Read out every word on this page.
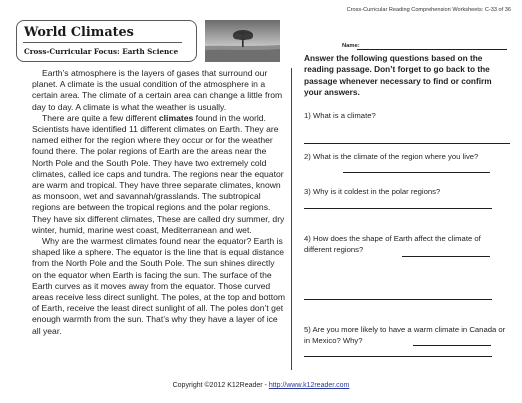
Cross-Curricular Reading Comprehension Worksheets: C-33 of 36
World Climates
Cross-Curricular Focus: Earth Science
Name:

Earth’s atmosphere is the layers of gases that surround our planet. A climate is the usual condition of the atmosphere in a certain area. The climate of a certain area can change a little from day to day. A climate is what the weather is usually.

There are quite a few different climates found in the world. Scientists have identified 11 different climates on Earth. They are named either for the region where they occur or for the weather found there. The polar regions of Earth are the areas near the North Pole and the South Pole. They have two extremely cold climates, called ice caps and tundra. The regions near the equator are warm and tropical. They have three separate climates, known as monsoon, wet and savannah/grasslands. The subtropical regions are between the tropical regions and the polar regions. They have six different climates, These are called dry summer, dry winter, humid, marine west coast, Mediterranean and wet.

Why are the warmest climates found near the equator? Earth is shaped like a sphere. The equator is the line that is equal distance from the North Pole and the South Pole. The sun shines directly on the equator when Earth is facing the sun. The surface of the Earth curves as it moves away from the equator. Those curved areas receive less direct sunlight. The poles, at the top and bottom of Earth, receive the least direct sunlight of all. The poles don’t get enough warmth from the sun. That’s why they have a layer of ice all year.

Answer the following questions based on the reading passage. Don’t forget to go back to the passage whenever necessary to find or confirm your answers.
1) What is a climate?
2) What is the climate of the region where you live?
3) Why is it coldest in the polar regions?
4) How does the shape of Earth affect the climate of different regions?
5) Are you more likely to have a warm climate in Canada or in Mexico? Why?
Copyright ©2012 K12Reader - http://www.k12reader.com
